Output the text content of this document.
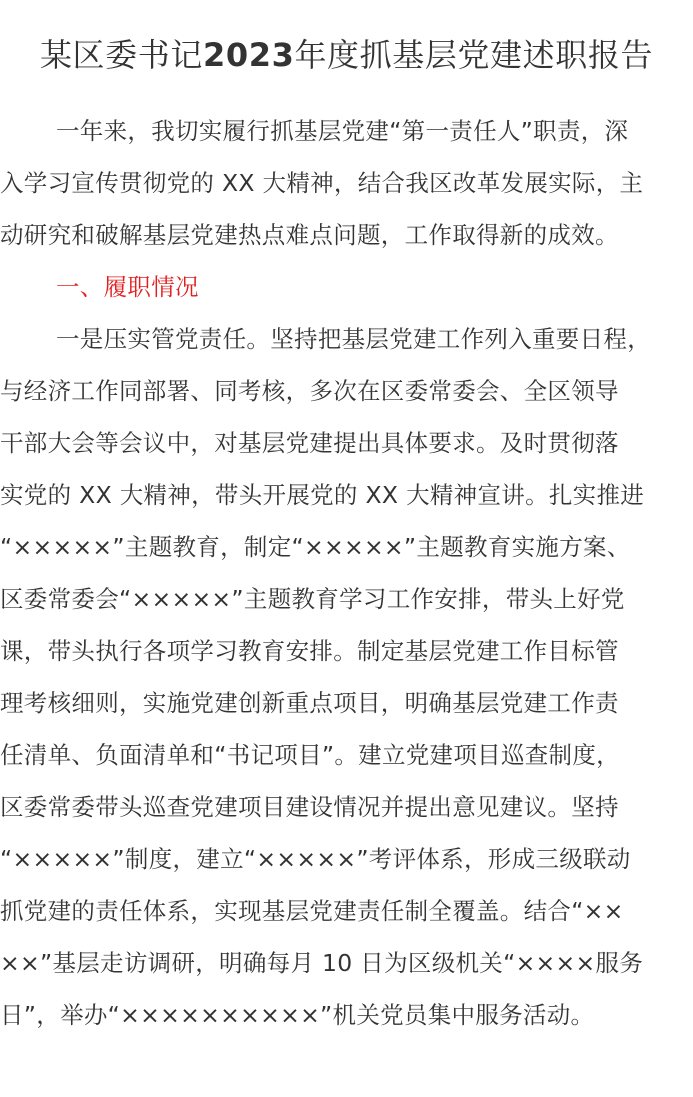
某区委书记2023年度抓基层党建述职报告
一年来，我切实履行抓基层党建“第一责任人”职责，深
入学习宣传贯彻党的 XX 大精神，结合我区改革发展实际，主
动研究和破解基层党建热点难点问题，工作取得新的成效。
一、履职情况
一是压实管党责任。坚持把基层党建工作列入重要日程，
与经济工作同部署、同考核，多次在区委常委会、全区领导
干部大会等会议中，对基层党建提出具体要求。及时贯彻落
实党的 XX 大精神，带头开展党的 XX 大精神宣讲。扎实推进
“×××××”主题教育，制定“×××××”主题教育实施方案、
区委常委会“×××××”主题教育学习工作安排，带头上好党
课，带头执行各项学习教育安排。制定基层党建工作目标管
理考核细则，实施党建创新重点项目，明确基层党建工作责
任清单、负面清单和“书记项目”。建立党建项目巡查制度，
区委常委带头巡查党建项目建设情况并提出意见建议。坚持
“×××××”制度，建立“×××××”考评体系，形成三级联动
抓党建的责任体系，实现基层党建责任制全覆盖。结合“××
××”基层走访调研，明确每月 10 日为区级机关“××××服务
日”，举办“××××××××××”机关党员集中服务活动。
